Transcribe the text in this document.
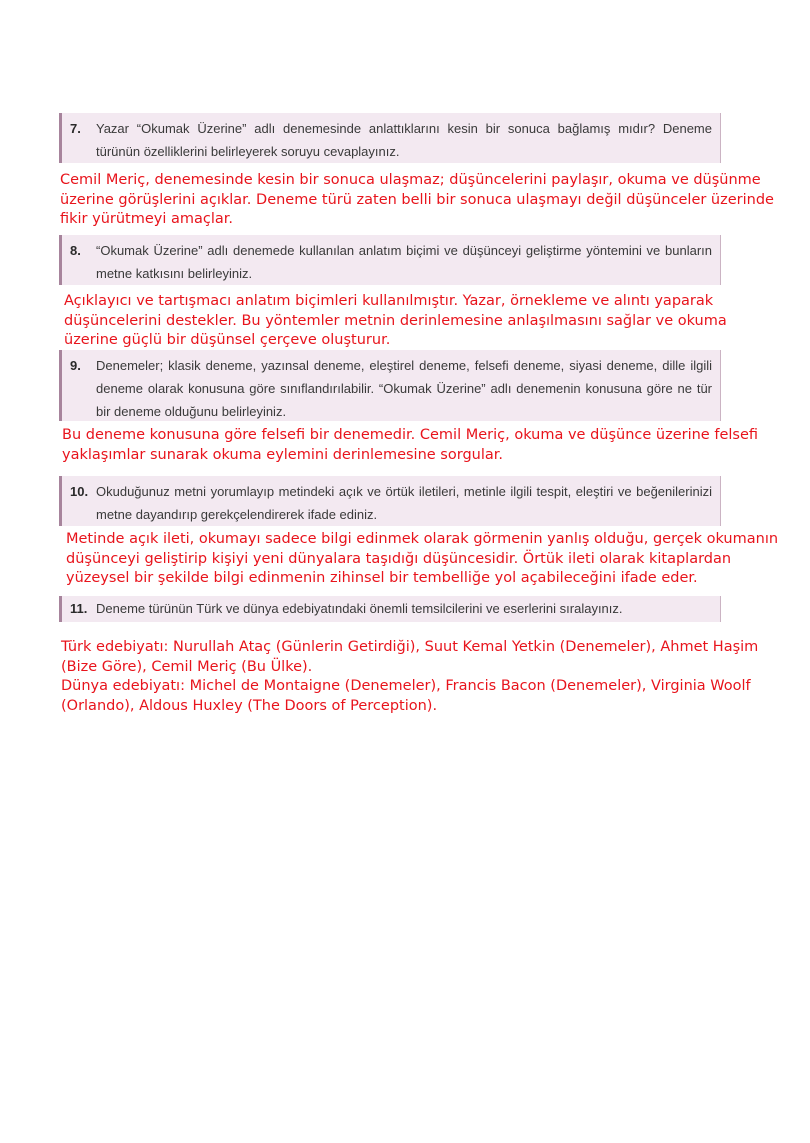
7. Yazar “Okumak Üzerine” adlı denemesinde anlattıklarını kesin bir sonuca bağlamış mıdır? Deneme türünün özelliklerini belirleyerek soruyu cevaplayınız.

Cemil Meriç, denemesinde kesin bir sonuca ulaşmaz; düşüncelerini paylaşır, okuma ve düşünme üzerine görüşlerini açıklar. Deneme türü zaten belli bir sonuca ulaşmayı değil düşünceler üzerinde fikir yürütmeyi amaçlar.

8. “Okumak Üzerine” adlı denemede kullanılan anlatım biçimi ve düşünceyi geliştirme yöntemini ve bunların metne katkısını belirleyiniz.

Açıklayıcı ve tartışmacı anlatım biçimleri kullanılmıştır. Yazar, örnekleme ve alıntı yaparak düşüncelerini destekler. Bu yöntemler metnin derinlemesine anlaşılmasını sağlar ve okuma üzerine güçlü bir düşünsel çerçeve oluşturur.

9. Denemeler; klasik deneme, yazınsal deneme, eleştirel deneme, felsefi deneme, siyasi deneme, dille ilgili deneme olarak konusuna göre sınıflandırılabilir. “Okumak Üzerine” adlı denemenin konusuna göre ne tür bir deneme olduğunu belirleyiniz.

Bu deneme konusuna göre felsefi bir denemedir. Cemil Meriç, okuma ve düşünce üzerine felsefi yaklaşımlar sunarak okuma eylemini derinlemesine sorgular.

10. Okuduğunuz metni yorumlayıp metindeki açık ve örtük iletileri, metinle ilgili tespit, eleştiri ve beğenilerinizi metne dayandırıp gerekçelendirerek ifade ediniz.

Metinde açık ileti, okumayı sadece bilgi edinmek olarak görmenin yanlış olduğu, gerçek okumanın düşünceyi geliştirip kişiyi yeni dünyalara taşıdığı düşüncesidir. Örtük ileti olarak kitaplardan yüzeysel bir şekilde bilgi edinmenin zihinsel bir tembelliğe yol açabileceğini ifade eder.

11. Deneme türünün Türk ve dünya edebiyatındaki önemli temsilcilerini ve eserlerini sıralayınız.

Türk edebiyatı: Nurullah Ataç (Günlerin Getirdiği), Suut Kemal Yetkin (Denemeler), Ahmet Haşim (Bize Göre), Cemil Meriç (Bu Ülke).

Dünya edebiyatı: Michel de Montaigne (Denemeler), Francis Bacon (Denemeler), Virginia Woolf (Orlando), Aldous Huxley (The Doors of Perception).
